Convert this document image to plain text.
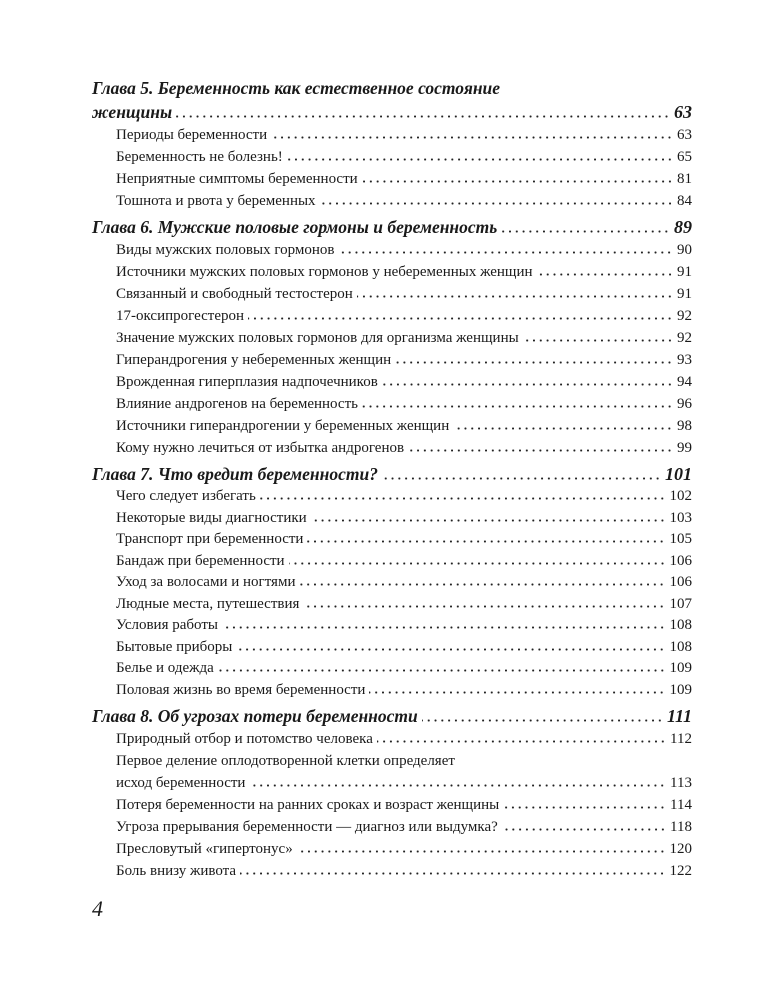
Глава 5. Беременность как естественное состояние
женщины	63
Периоды беременности	63
Беременность не болезнь!	65
Неприятные симптомы беременности	81
Тошнота и рвота у беременных	84
Глава 6. Мужские половые гормоны и беременность	89
Виды мужских половых гормонов	90
Источники мужских половых гормонов у небеременных женщин	91
Связанный и свободный тестостерон	91
17-оксипрогестерон	92
Значение мужских половых гормонов для организма женщины	92
Гиперандрогения у небеременных женщин	93
Врожденная гиперплазия надпочечников	94
Влияние андрогенов на беременность	96
Источники гиперандрогении у беременных женщин	98
Кому нужно лечиться от избытка андрогенов	99
Глава 7. Что вредит беременности?	101
Чего следует избегать	102
Некоторые виды диагностики	103
Транспорт при беременности	105
Бандаж при беременности	106
Уход за волосами и ногтями	106
Людные места, путешествия	107
Условия работы	108
Бытовые приборы	108
Белье и одежда	109
Половая жизнь во время беременности	109
Глава 8. Об угрозах потери беременности	111
Природный отбор и потомство человека	112
Первое деление оплодотворенной клетки определяет
исход беременности	113
Потеря беременности на ранних сроках и возраст женщины	114
Угроза прерывания беременности — диагноз или выдумка?	118
Пресловутый «гипертонус»	120
Боль внизу живота	122
4
